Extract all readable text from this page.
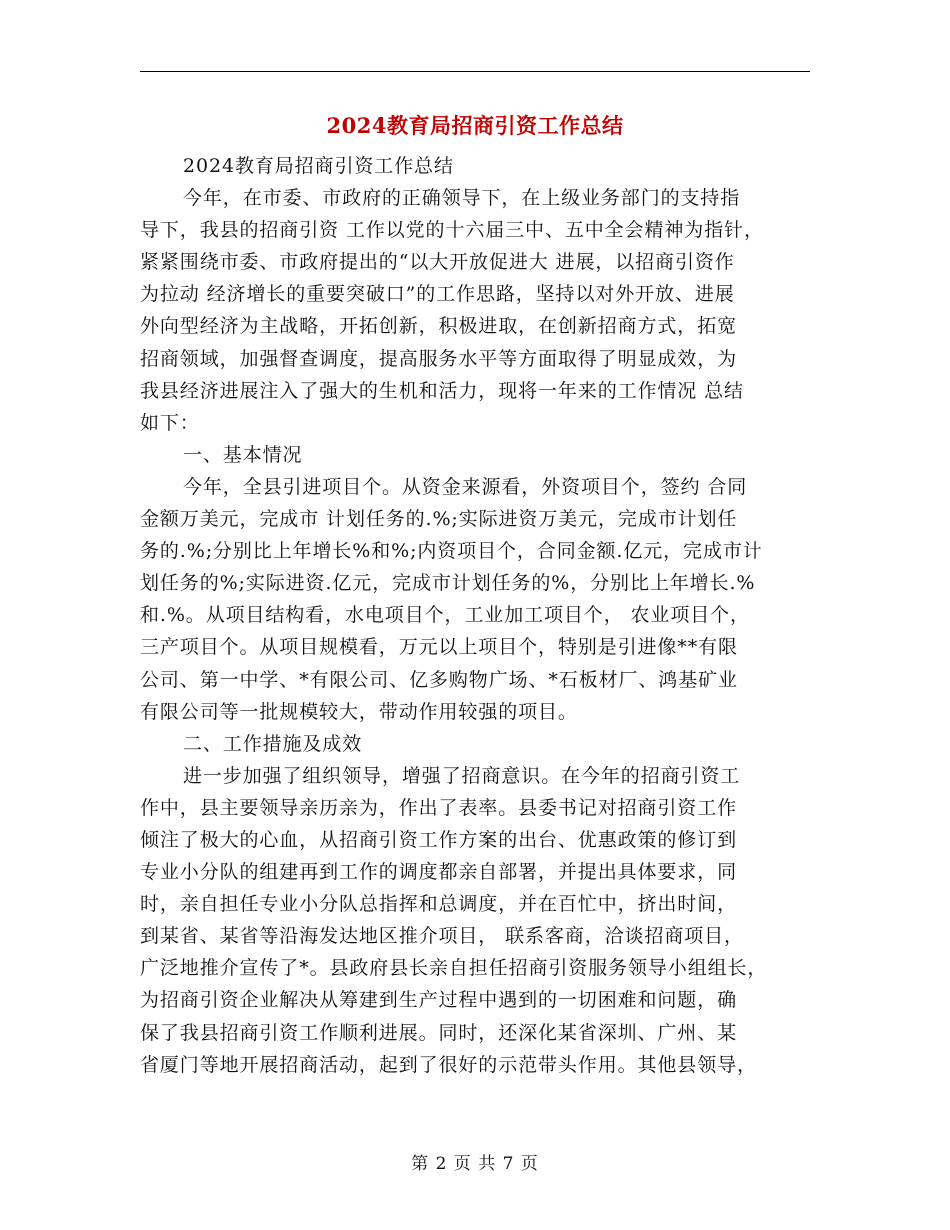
2024教育局招商引资工作总结
2024教育局招商引资工作总结
今年，在市委、市政府的正确领导下，在上级业务部门的支持指
导下，我县的招商引资 工作以党的十六届三中、五中全会精神为指针，
紧紧围绕市委、市政府提出的“以大开放促进大 进展，以招商引资作
为拉动 经济增长的重要突破口”的工作思路，坚持以对外开放、进展
外向型经济为主战略，开拓创新，积极进取，在创新招商方式，拓宽
招商领域，加强督查调度，提高服务水平等方面取得了明显成效，为
我县经济进展注入了强大的生机和活力，现将一年来的工作情况 总结
如下：
一、基本情况
今年，全县引进项目个。从资金来源看，外资项目个，签约 合同
金额万美元，完成市 计划任务的.%;实际进资万美元，完成市计划任
务的.%;分别比上年增长%和%;内资项目个，合同金额.亿元，完成市计
划任务的%;实际进资.亿元，完成市计划任务的%，分别比上年增长.%
和.%。从项目结构看，水电项目个，工业加工项目个， 农业项目个，
三产项目个。从项目规模看，万元以上项目个，特别是引进像**有限
公司、第一中学、*有限公司、亿多购物广场、*石板材厂、鸿基矿业
有限公司等一批规模较大，带动作用较强的项目。
二、工作措施及成效
进一步加强了组织领导，增强了招商意识。在今年的招商引资工
作中，县主要领导亲历亲为，作出了表率。县委书记对招商引资工作
倾注了极大的心血，从招商引资工作方案的出台、优惠政策的修订到
专业小分队的组建再到工作的调度都亲自部署，并提出具体要求，同
时，亲自担任专业小分队总指挥和总调度，并在百忙中，挤出时间，
到某省、某省等沿海发达地区推介项目， 联系客商，洽谈招商项目，
广泛地推介宣传了*。县政府县长亲自担任招商引资服务领导小组组长，
为招商引资企业解决从筹建到生产过程中遇到的一切困难和问题，确
保了我县招商引资工作顺利进展。同时，还深化某省深圳、广州、某
省厦门等地开展招商活动，起到了很好的示范带头作用。其他县领导，
第 2 页 共 7 页
